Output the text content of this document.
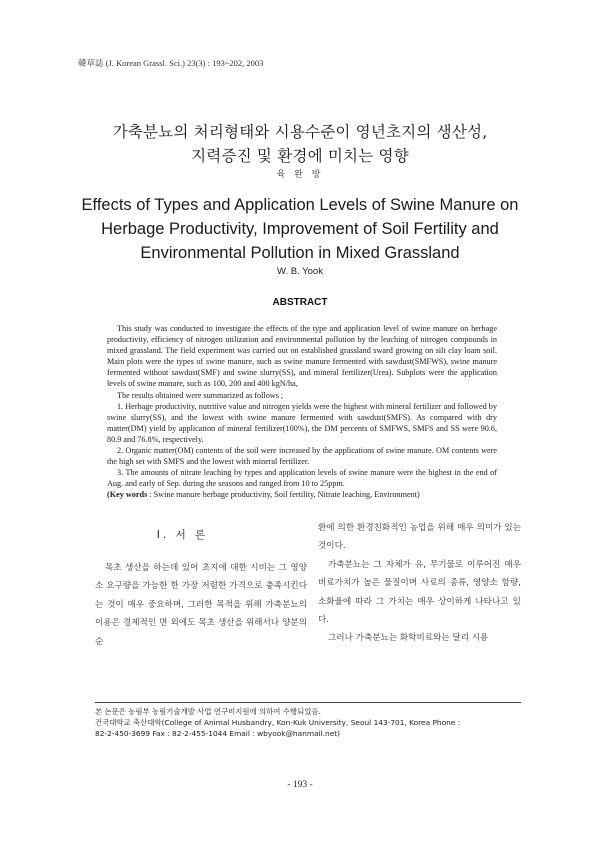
韓草誌 (J. Korean Grassl. Sci.) 23(3) : 193~202, 2003
가축분뇨의 처리형태와 시용수준이 영년초지의 생산성,
지력증진 및 환경에 미치는 영향
육 완 방
Effects of Types and Application Levels of Swine Manure on
Herbage Productivity, Improvement of Soil Fertility and
Environmental Pollution in Mixed Grassland
W. B. Yook
ABSTRACT

This study was conducted to investigate the effects of the type and application level of swine manure on herbage productivity, efficiency of nitrogen utilization and environmental pollution by the leaching of nitrogen compounds in mixed grassland. The field experiment was carried out on established grassland sward growing on silt clay loam soil. Main plots were the types of swine manure, such as swine manure fermented with sawdust(SMFWS), swine manure fermented without sawdust(SMF) and swine slurry(SS), and mineral fertilizer(Urea). Subplots were the application levels of swine manure, such as 100, 200 and 400 kgN/ha,

The results obtained were summarized as follows ;

1. Herbage productivity, nutritive value and nitrogen yields were the highest with mineral fertilizer and followed by swine slurry(SS), and the lowest with swine manure fermented with sawdust(SMFS). As compared with dry matter(DM) yield by application of mineral fertilizer(100%), the DM percents of SMFWS, SMFS and SS were 90.6, 80.9 and 76.8%, respectively.

2. Organic matter(OM) contents of the soil were increased by the applications of swine manure. OM contents were the high set with SMFS and the lowest with mineral fertilizer.

3. The amounts of nitrate leaching by types and application levels of swine manure were the highest in the end of Aug. and early of Sep. during the seasons and ranged from 10 to 25ppm.

(Key words : Swine manure herbage productivity, Soil fertility, Nitrate leaching, Environment)

I. 서 론

목초 생산을 하는데 있어 초지에 대한 시비는 그 영양소 요구량을 가능한 한 가장 저렴한 가격으로 충족시킨다는 것이 매우 중요하며, 그러한 목적을 위해 가축분뇨의 이용은 경제적인 면 외에도 목초 생산을 위해서나 양분의 순

환에 의한 환경친화적인 농업을 위해 매우 의미가 있는 것이다.

가축분뇨는 그 자체가 유, 무기물로 이루어진 매우 비료가치가 높은 물질이며 사료의 종류, 영양소 함량, 소화율에 따라 그 가치는 매우 상이하게 나타나고 있다.

그러나 가축분뇨는 화학비료와는 달리 시용

본 논문은 농림부 농림기술개발 사업 연구비지원에 의하여 수행되었음.
건국대학교 축산대학(College of Animal Husbandry, Kon-Kuk University, Seoul 143-701, Korea Phone :
82-2-450-3699 Fax : 82-2-455-1044 Email : wbyook@hanmail.net)
- 193 -
